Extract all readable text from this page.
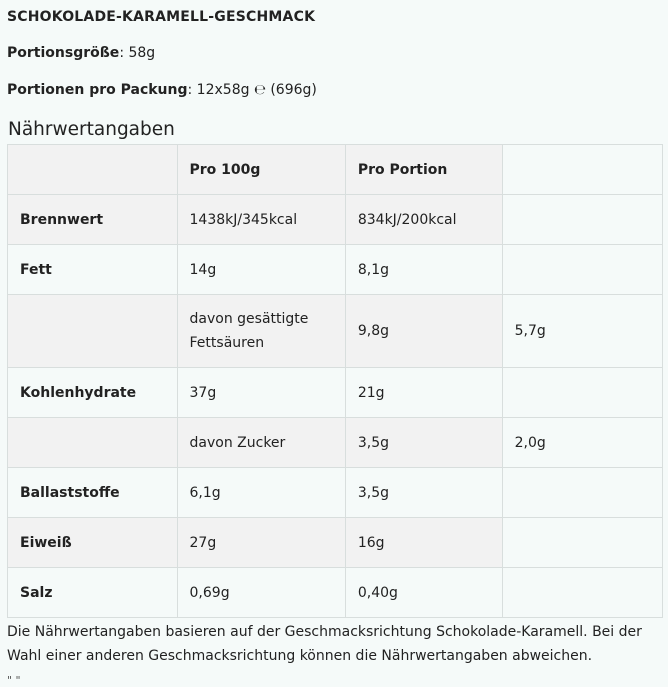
SCHOKOLADE-KARAMELL-GESCHMACK
Portionsgröße: 58g
Portionen pro Packung: 12x58g ℮ (696g)
Nährwertangaben
	Pro 100g	Pro Portion	
Brennwert	1438kJ/345kcal	834kJ/200kcal	
Fett	14g	8,1g	
	davon gesättigte Fettsäuren	9,8g	5,7g
Kohlenhydrate	37g	21g	
	davon Zucker	3,5g	2,0g
Ballaststoffe	6,1g	3,5g	
Eiweiß	27g	16g	
Salz	0,69g	0,40g	
Die Nährwertangaben basieren auf der Geschmacksrichtung Schokolade-Karamell. Bei der Wahl einer anderen Geschmacksrichtung können die Nährwertangaben abweichen.
" "
